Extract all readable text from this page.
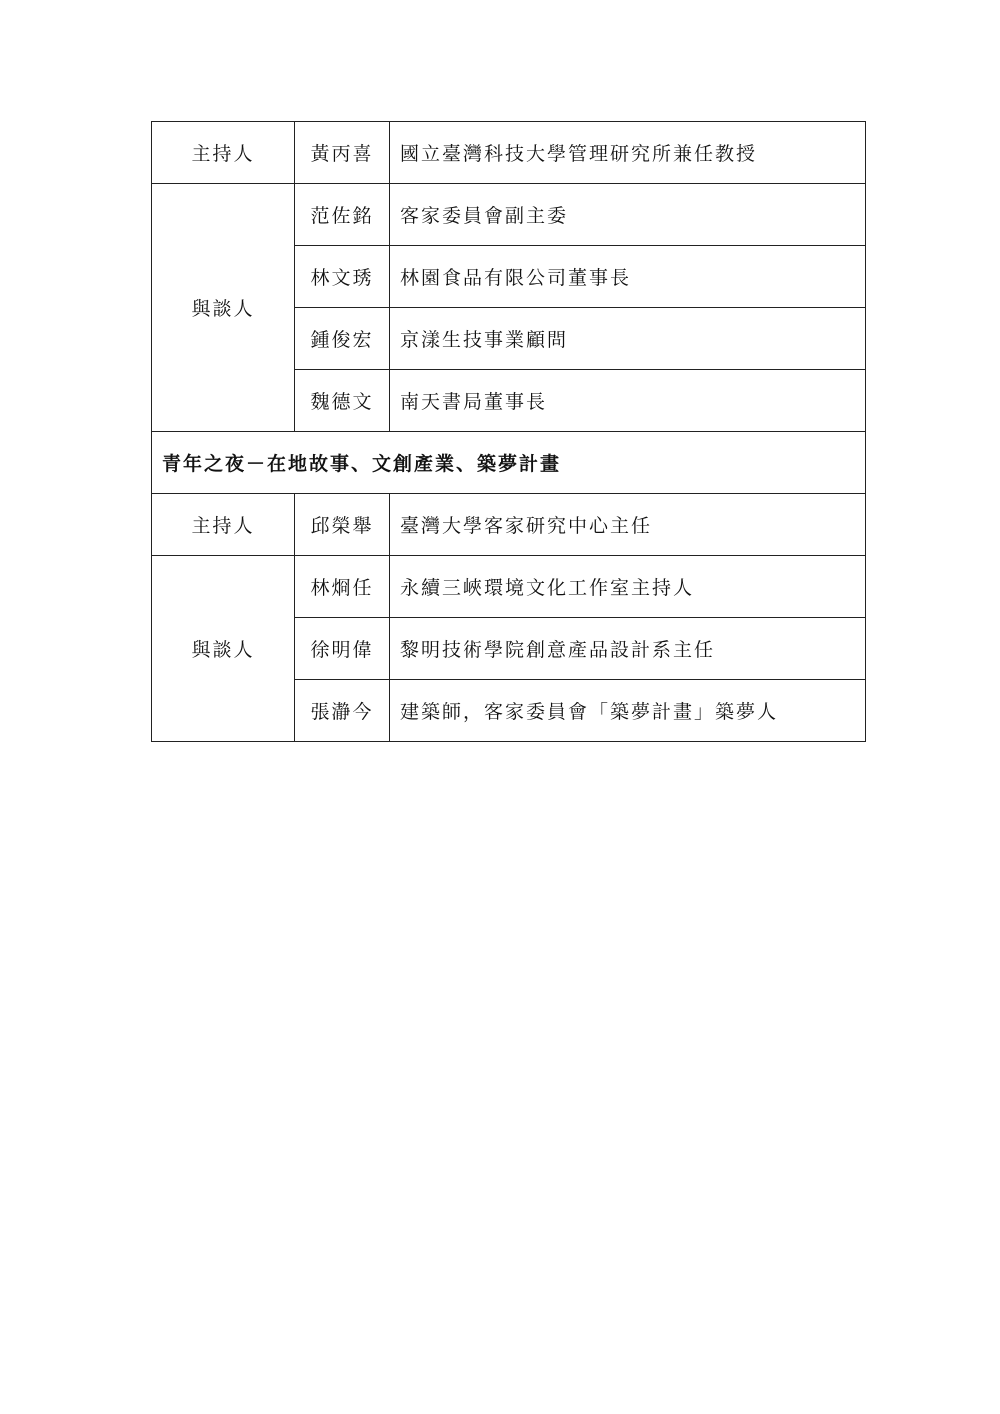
主持人	黃丙喜	國立臺灣科技大學管理研究所兼任教授
與談人	范佐銘	客家委員會副主委
	林文琇	林園食品有限公司董事長
	鍾俊宏	京漾生技事業顧問
	魏德文	南天書局董事長
青年之夜－在地故事、文創產業、築夢計畫		
主持人	邱榮舉	臺灣大學客家研究中心主任
與談人	林烱任	永續三峽環境文化工作室主持人
	徐明偉	黎明技術學院創意產品設計系主任
	張瀞今	建築師，客家委員會「築夢計畫」築夢人
